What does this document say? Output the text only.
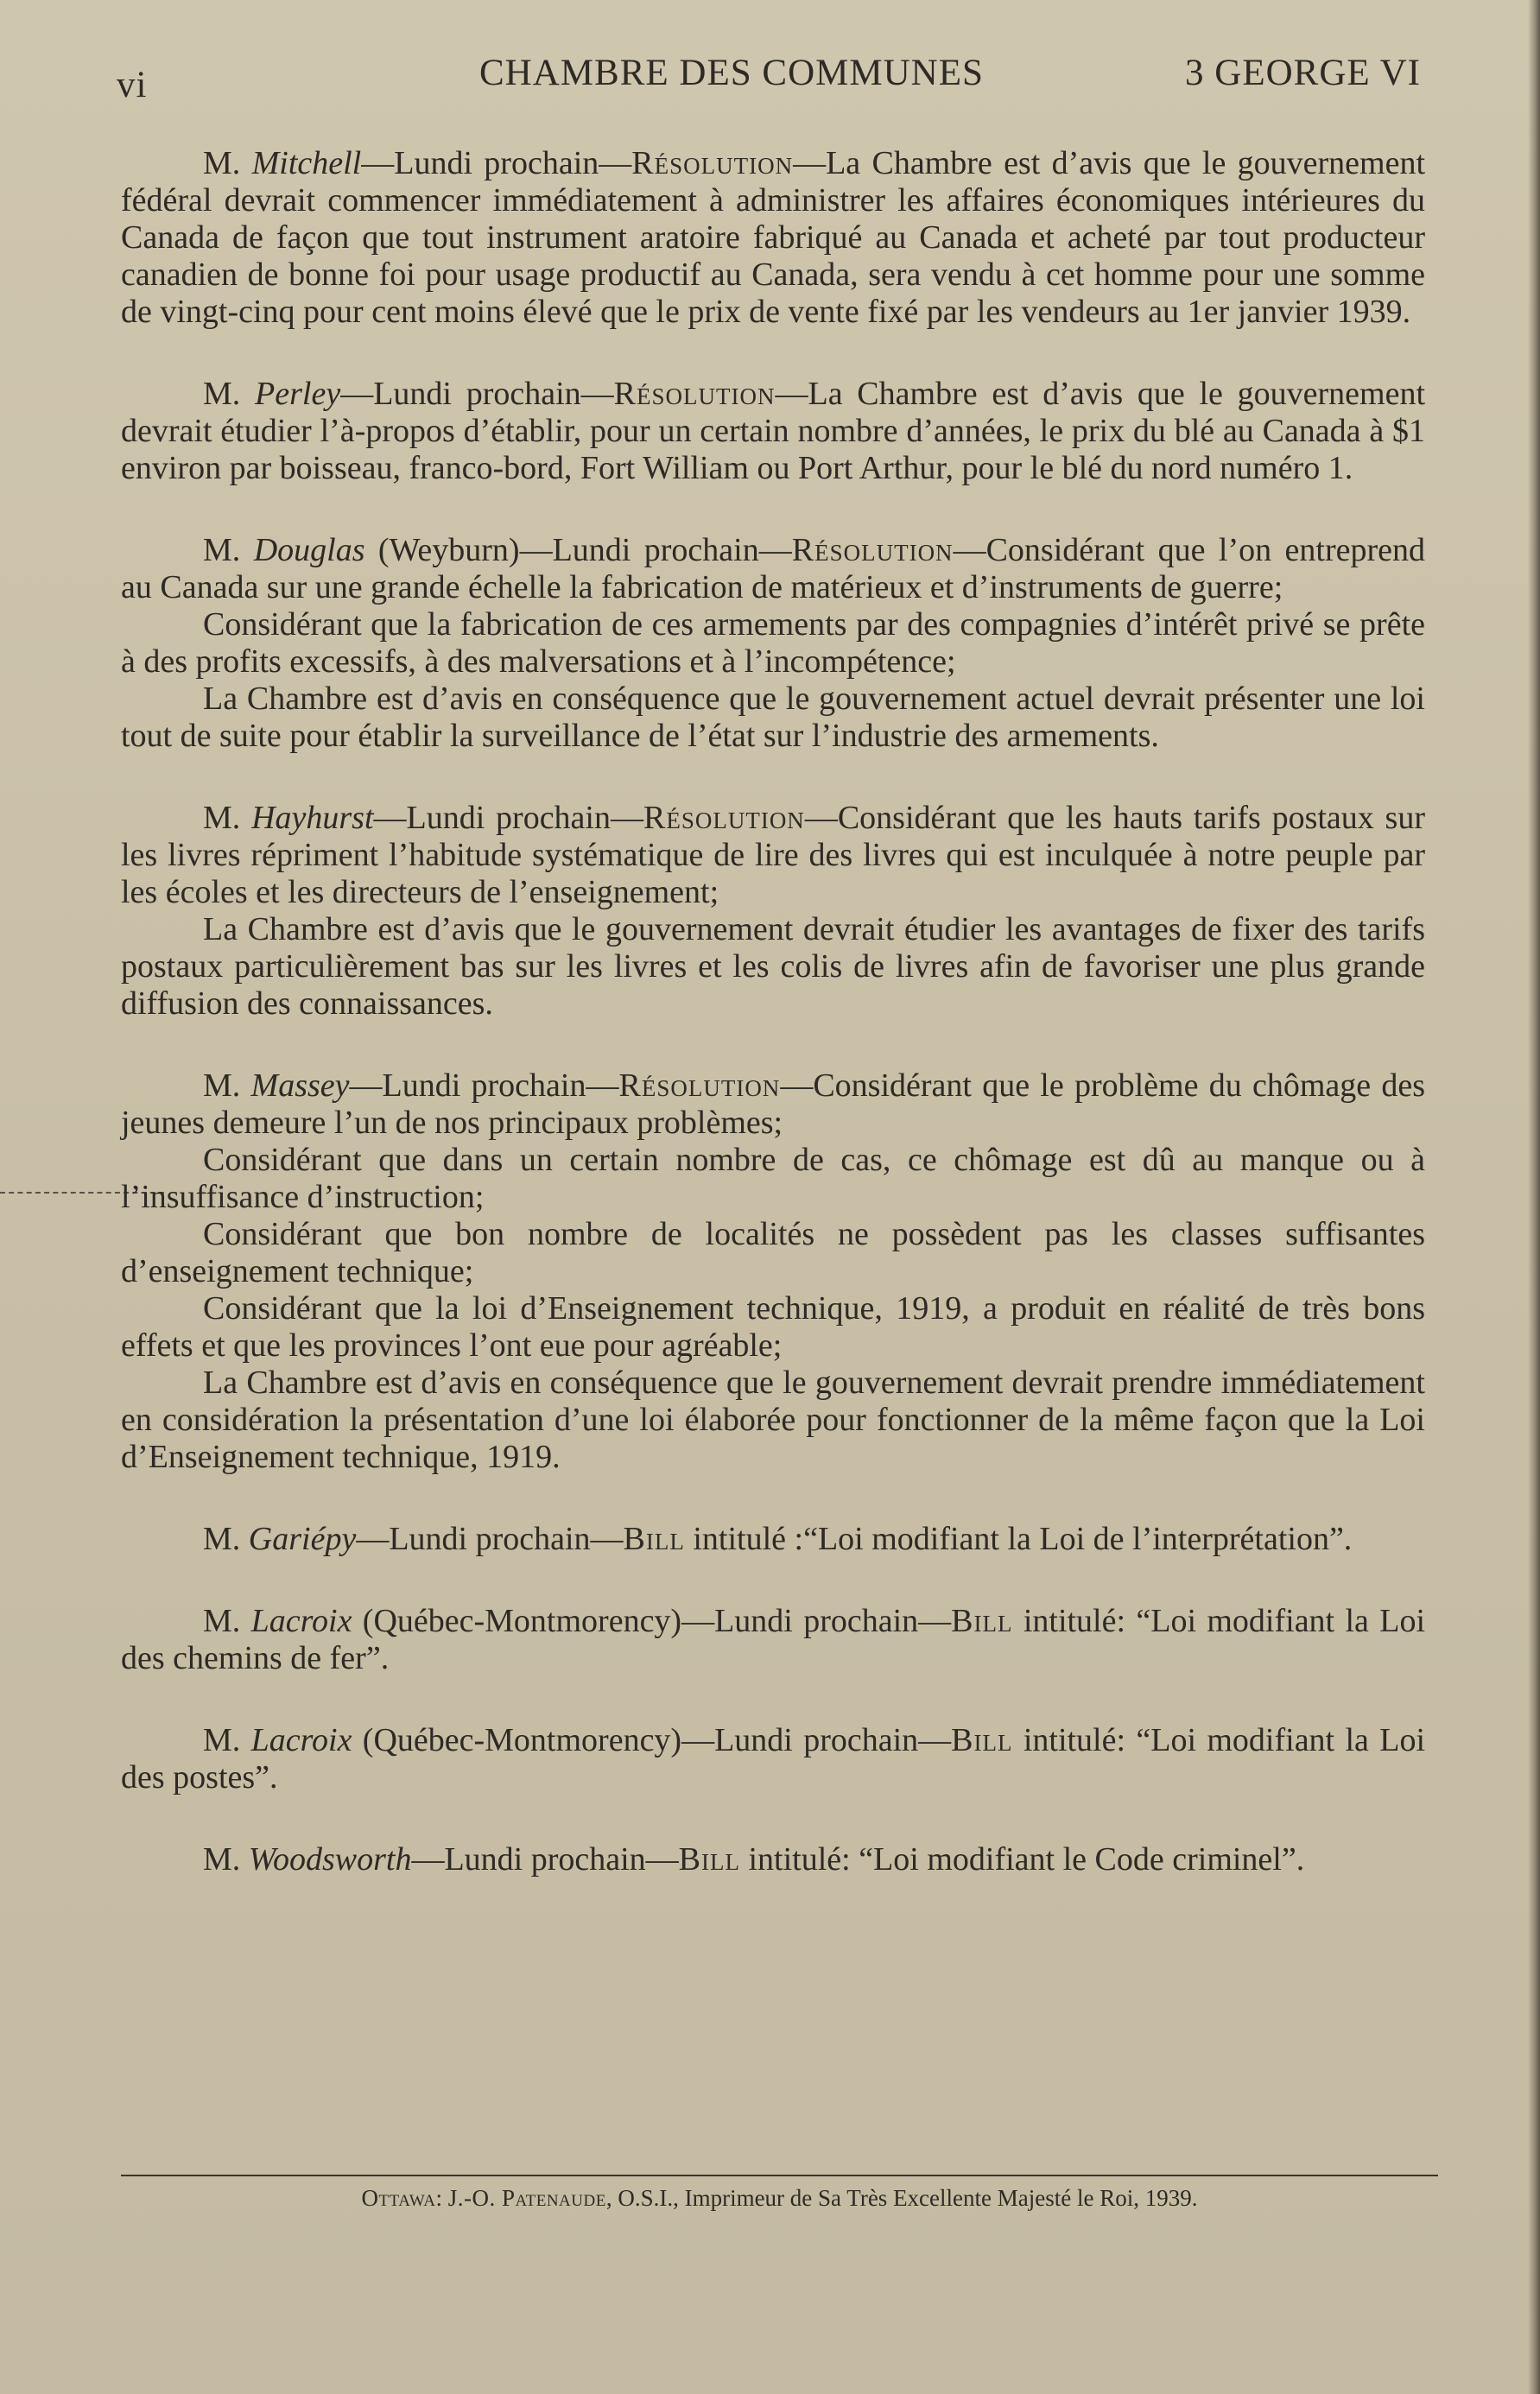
vi	CHAMBRE DES COMMUNES	3 GEORGE VI

M. Mitchell—Lundi prochain—Résolution—La Chambre est d’avis que le gouvernement fédéral devrait commencer immédiatement à administrer les affaires économiques intérieures du Canada de façon que tout instrument aratoire fabriqué au Canada et acheté par tout producteur canadien de bonne foi pour usage productif au Canada, sera vendu à cet homme pour une somme de vingt-cinq pour cent moins élevé que le prix de vente fixé par les vendeurs au 1er janvier 1939.

M. Perley—Lundi prochain—Résolution—La Chambre est d’avis que le gouvernement devrait étudier l’à-propos d’établir, pour un certain nombre d’années, le prix du blé au Canada à $1 environ par boisseau, franco-bord, Fort William ou Port Arthur, pour le blé du nord numéro 1.

M. Douglas (Weyburn)—Lundi prochain—Résolution—Considérant que l’on entreprend au Canada sur une grande échelle la fabrication de matérieux et d’instruments de guerre;

Considérant que la fabrication de ces armements par des compagnies d’intérêt privé se prête à des profits excessifs, à des malversations et à l’incompétence;

La Chambre est d’avis en conséquence que le gouvernement actuel devrait présenter une loi tout de suite pour établir la surveillance de l’état sur l’industrie des armements.

M. Hayhurst—Lundi prochain—Résolution—Considérant que les hauts tarifs postaux sur les livres répriment l’habitude systématique de lire des livres qui est inculquée à notre peuple par les écoles et les directeurs de l’enseignement;

La Chambre est d’avis que le gouvernement devrait étudier les avantages de fixer des tarifs postaux particulièrement bas sur les livres et les colis de livres afin de favoriser une plus grande diffusion des connaissances.

M. Massey—Lundi prochain—Résolution—Considérant que le problème du chômage des jeunes demeure l’un de nos principaux problèmes;

Considérant que dans un certain nombre de cas, ce chômage est dû au manque ou à l’insuffisance d’instruction;

Considérant que bon nombre de localités ne possèdent pas les classes suffisantes d’enseignement technique;

Considérant que la loi d’Enseignement technique, 1919, a produit en réalité de très bons effets et que les provinces l’ont eue pour agréable;

La Chambre est d’avis en conséquence que le gouvernement devrait prendre immédiatement en considération la présentation d’une loi élaborée pour fonctionner de la même façon que la Loi d’Enseignement technique, 1919.

M. Gariépy—Lundi prochain—Bill intitulé :“Loi modifiant la Loi de l’interprétation”.

M. Lacroix (Québec-Montmorency)—Lundi prochain—Bill intitulé: “Loi modifiant la Loi des chemins de fer”.

M. Lacroix (Québec-Montmorency)—Lundi prochain—Bill intitulé: “Loi modifiant la Loi des postes”.

M. Woodsworth—Lundi prochain—Bill intitulé: “Loi modifiant le Code criminel”.

Ottawa: J.-O. Patenaude, O.S.I., Imprimeur de Sa Très Excellente Majesté le Roi, 1939.
